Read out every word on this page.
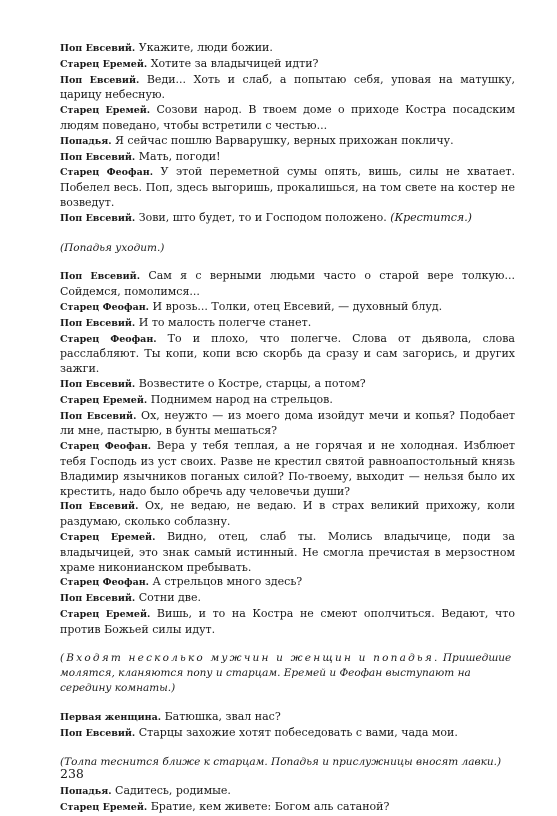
Поп Евсевий. Укажите, люди божии.

Старец Еремей. Хотите за владычицей идти?

Поп Евсевий. Веди... Хоть и слаб, а попытаю себя, уповая на матушку, царицу небесную.

Старец Еремей. Созови народ. В твоем доме о приходе Костра посадским людям поведано, чтобы встретили с честью...

Попадья. Я сейчас пошлю Варварушку, верных прихожан покличу.

Поп Евсевий. Мать, погоди!

Старец Феофан. У этой переметной сумы опять, вишь, силы не хватает. Побелел весь. Поп, здесь выгоришь, прокалишься, на том свете на костер не возведут.

Поп Евсевий. Зови, што будет, то и Господом положено. (Крестится.)

(Попадья уходит.)

Поп Евсевий. Сам я с верными людьми часто о старой вере толкую... Сойдемся, помолимся...

Старец Феофан. И врозь... Толки, отец Евсевий, — духовный блуд.

Поп Евсевий. И то малость полегче станет.

Старец Феофан. То и плохо, что полегче. Слова от дьявола, слова расслабляют. Ты копи, копи всю скорбь да сразу и сам загорись, и других зажги.

Поп Евсевий. Возвестите о Костре, старцы, а потом?

Старец Еремей. Поднимем народ на стрельцов.

Поп Евсевий. Ох, неужто — из моего дома изойдут мечи и копья? Подобает ли мне, пастырю, в бунты мешаться?

Старец Феофан. Вера у тебя теплая, а не горячая и не холодная. Изблюет тебя Господь из уст своих. Разве не крестил святой равноапостольный князь Владимир язычников поганых силой? По-твоему, выходит — нельзя было их крестить, надо было обречь аду человечьи души?

Поп Евсевий. Ох, не ведаю, не ведаю. И в страх великий прихожу, коли раздумаю, сколько соблазну.

Старец Еремей. Видно, отец, слаб ты. Молись владычице, поди за владычицей, это знак самый истинный. Не смогла пречистая в мерзостном храме никонианском пребывать.

Старец Феофан. А стрельцов много здесь?

Поп Евсевий. Сотни две.

Старец Еремей. Вишь, и то на Костра не смеют ополчиться. Ведают, что против Божьей силы идут.

(Входят несколько мужчин и женщин и попадья. Пришедшие молятся, кланяются попу и старцам. Еремей и Феофан выступают на середину комнаты.)

Первая женщина. Батюшка, звал нас?

Поп Евсевий. Старцы захожие хотят побеседовать с вами, чада мои.

(Толпа теснится ближе к старцам. Попадья и прислужницы вносят лавки.)

Попадья. Садитесь, родимые.

Старец Еремей. Братие, кем живете: Богом аль сатаной?

238
